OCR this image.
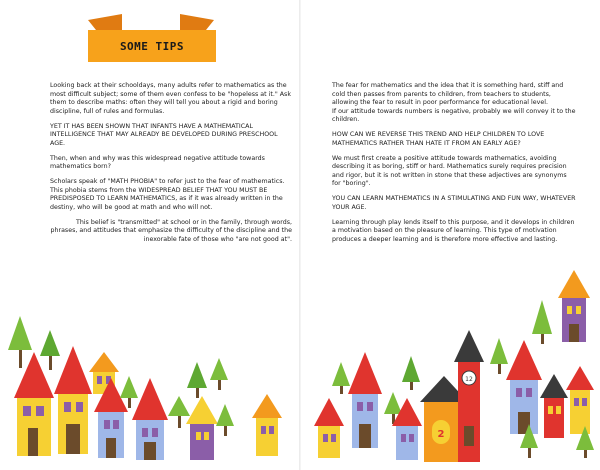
SOME TIPS

Looking back at their schooldays, many adults refer to mathematics as the most difficult subject; some of them even confess to be "hopeless at it." Ask them to describe maths: often they will tell you about a rigid and boring discipline, full of rules and formulas.

YET IT HAS BEEN SHOWN THAT INFANTS HAVE A MATHEMATICAL INTELLIGENCE THAT MAY ALREADY BE DEVELOPED DURING PRESCHOOL AGE.

Then, when and why was this widespread negative attitude towards mathematics born?

Scholars speak of "MATH PHOBIA" to refer just to the fear of mathematics. This phobia stems from the WIDESPREAD BELIEF THAT YOU MUST BE PREDISPOSED TO LEARN MATHEMATICS, as if it was already written in the destiny, who will be good at math and who will not.

This belief is "transmitted" at school or in the family, through words, phrases, and attitudes that emphasize the difficulty of the discipline and the inexorable fate of those who "are not good at".

The fear for mathematics and the idea that it is something hard, stiff and cold then passes from parents to children, from teachers to students, allowing the fear to result in poor performance for educational level.
If our attitude towards numbers is negative, probably we will convey it to the children.

HOW CAN WE REVERSE THIS TREND AND HELP CHILDREN TO LOVE MATHEMATICS RATHER THAN HATE IT FROM AN EARLY AGE?

We must first create a positive attitude towards mathematics, avoiding describing it as boring, stiff or hard. Mathematics surely requires precision and rigor, but it is not written in stone that these adjectives are synonyms for "boring".

YOU CAN LEARN MATHEMATICS IN A STIMULATING AND FUN WAY, WHATEVER YOUR AGE.

Learning through play lends itself to this purpose, and it develops in children a motivation based on the pleasure of learning. This type of motivation produces a deeper learning and is therefore more effective and lasting.

12
2
